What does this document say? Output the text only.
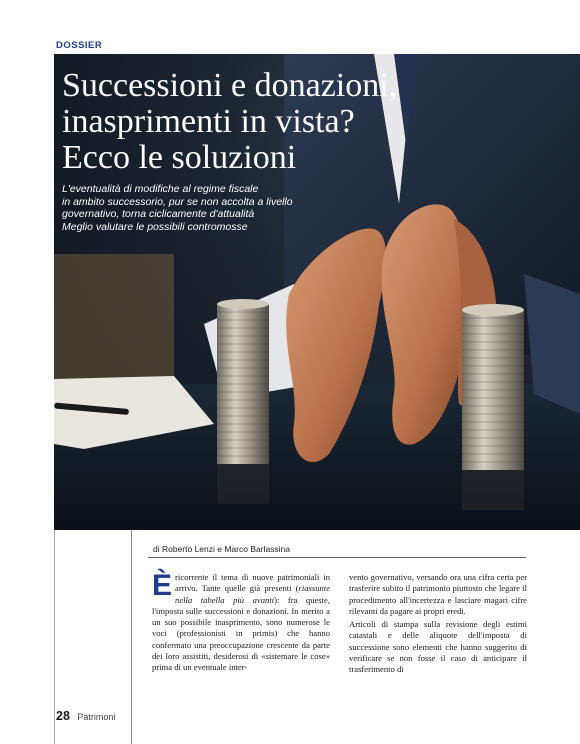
DOSSIER
Successioni e donazioni,
inasprimenti in vista?
Ecco le soluzioni
L'eventualità di modifiche al regime fiscale
in ambito successorio, pur se non accolta a livello
governativo, torna ciclicamente d'attualità
Meglio valutare le possibili contromosse
di Roberto Lenzi e Marco Barlassina

È ricorrente il tema di nuove patrimoniali in arrivo. Tante quelle già presenti (riassunte nella tabella più avanti): fra queste, l'imposta sulle successioni e donazioni. In merito a un suo possibile inasprimento, sono numerose le voci (professionisti in primis) che hanno confermato una preoccupazione crescente da parte dei loro assistiti, desiderosi di «sistemare le cose» prima di un eventuale inter-

vento governativo, versando ora una cifra certa per trasferire subito il patrimonio piuttosto che legare il procedimento all'incertezza e lasciare magari cifre rilevanti da pagare ai propri eredi.

Articoli di stampa sulla revisione degli estimi catastali e delle aliquote dell'imposta di successione sono elementi che hanno suggerito di verificare se non fosse il caso di anticipare il trasferimento di

28 Patrimoni
